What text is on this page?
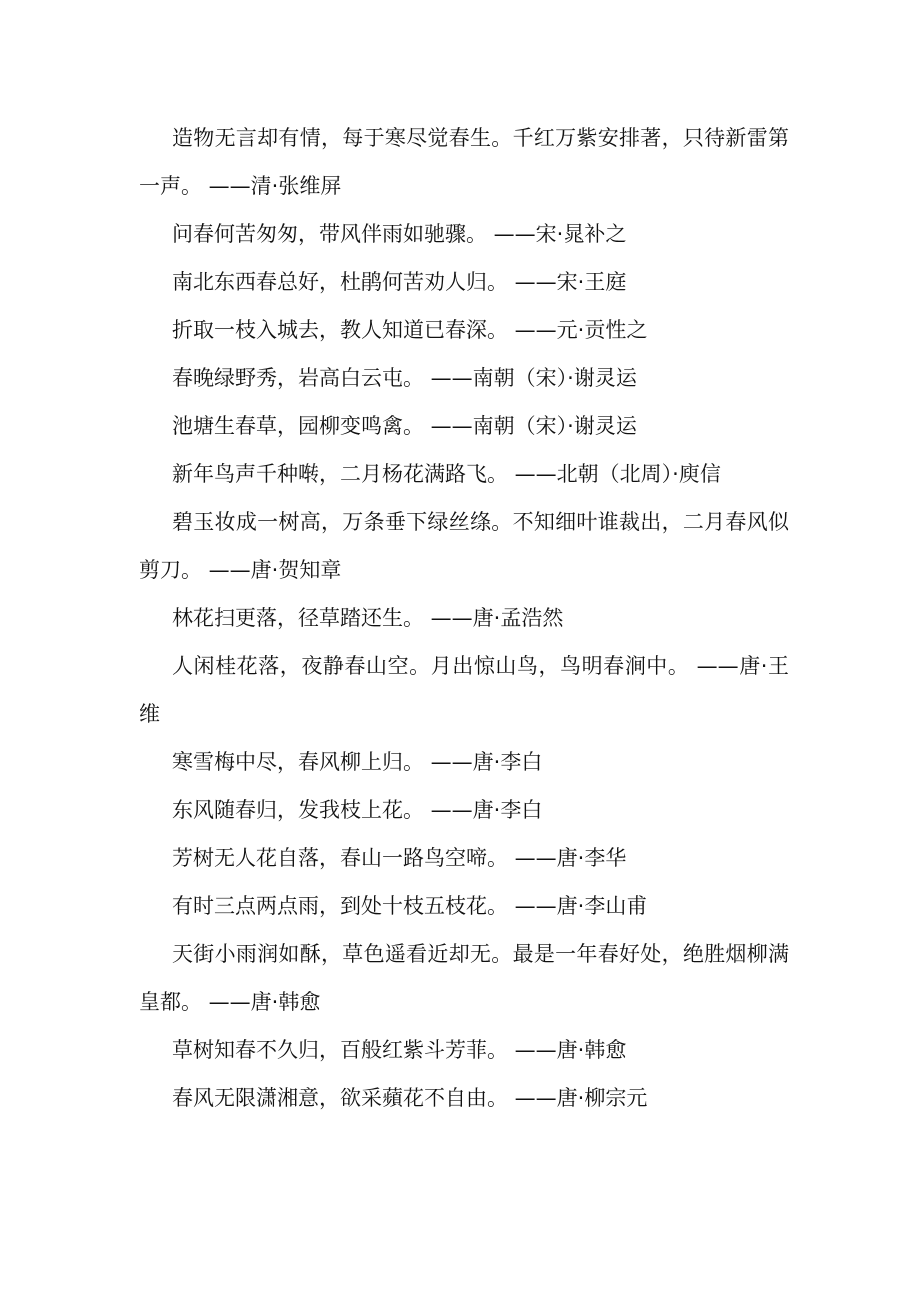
造物无言却有情，每于寒尽觉春生。千红万紫安排著，只待新雷第一声。 ——清·张维屏

问春何苦匆匆，带风伴雨如驰骤。 ——宋·晁补之

南北东西春总好，杜鹃何苦劝人归。 ——宋·王庭

折取一枝入城去，教人知道已春深。 ——元·贡性之

春晚绿野秀，岩高白云屯。 ——南朝（宋）·谢灵运

池塘生春草，园柳变鸣禽。 ——南朝（宋）·谢灵运

新年鸟声千种啭，二月杨花满路飞。 ——北朝（北周）·庾信

碧玉妆成一树高，万条垂下绿丝绦。不知细叶谁裁出，二月春风似剪刀。 ——唐·贺知章

林花扫更落，径草踏还生。 ——唐·孟浩然

人闲桂花落，夜静春山空。月出惊山鸟，鸟明春涧中。 ——唐·王维

寒雪梅中尽，春风柳上归。 ——唐·李白

东风随春归，发我枝上花。 ——唐·李白

芳树无人花自落，春山一路鸟空啼。 ——唐·李华

有时三点两点雨，到处十枝五枝花。 ——唐·李山甫

天街小雨润如酥，草色遥看近却无。最是一年春好处，绝胜烟柳满皇都。 ——唐·韩愈

草树知春不久归，百般红紫斗芳菲。 ——唐·韩愈

春风无限潇湘意，欲采蘋花不自由。 ——唐·柳宗元
